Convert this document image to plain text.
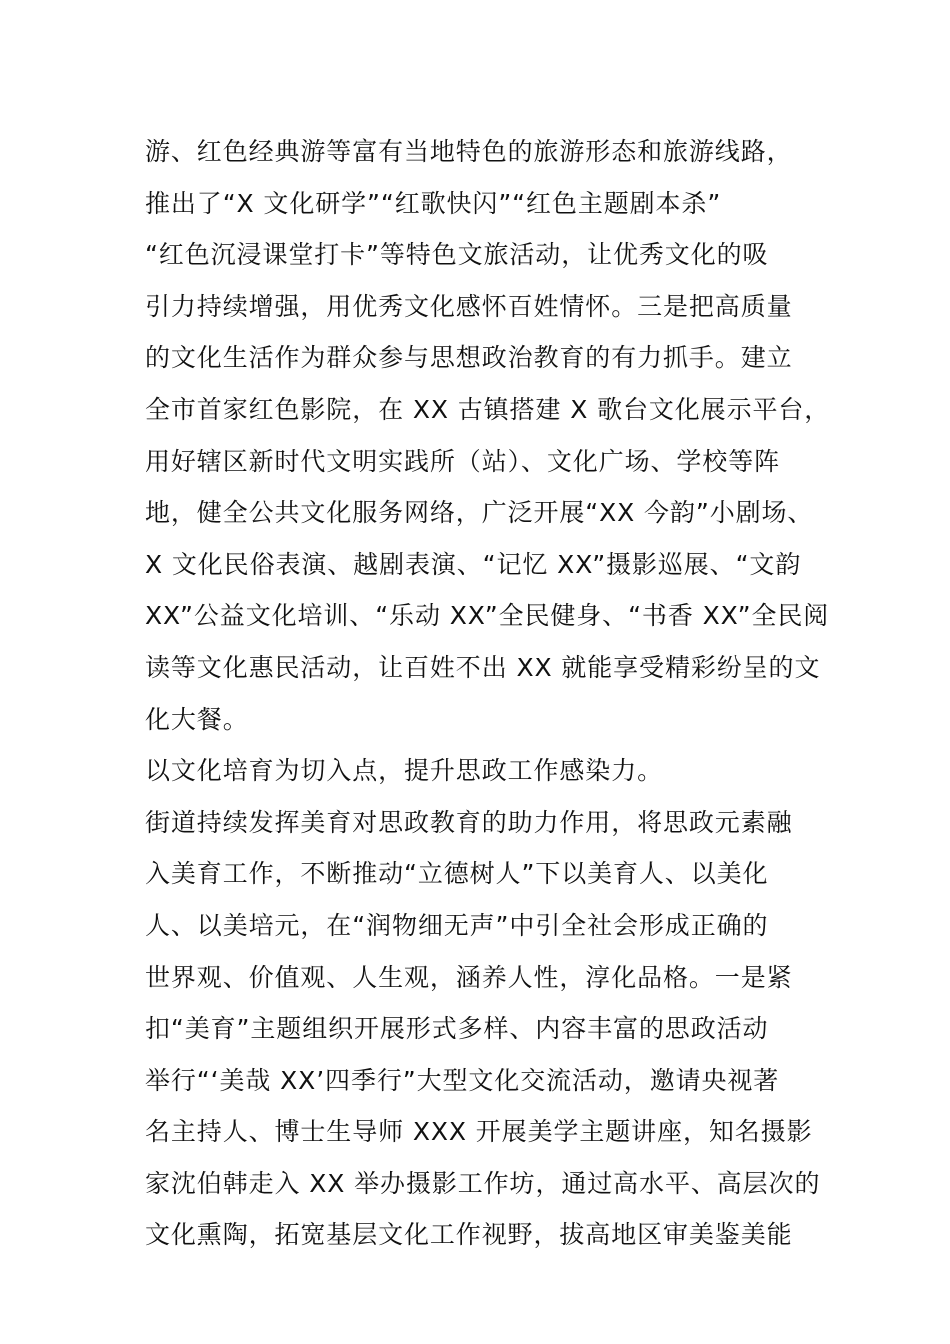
游、红色经典游等富有当地特色的旅游形态和旅游线路，
推出了“X 文化研学”“红歌快闪”“红色主题剧本杀”
“红色沉浸课堂打卡”等特色文旅活动，让优秀文化的吸
引力持续增强，用优秀文化感怀百姓情怀。三是把高质量
的文化生活作为群众参与思想政治教育的有力抓手。建立
全市首家红色影院，在 XX 古镇搭建 X 歌台文化展示平台，
用好辖区新时代文明实践所（站）、文化广场、学校等阵
地，健全公共文化服务网络，广泛开展“XX 今韵”小剧场、
X 文化民俗表演、越剧表演、“记忆 XX”摄影巡展、“文韵
XX”公益文化培训、“乐动 XX”全民健身、“书香 XX”全民阅
读等文化惠民活动，让百姓不出 XX 就能享受精彩纷呈的文
化大餐。
以文化培育为切入点，提升思政工作感染力。
街道持续发挥美育对思政教育的助力作用，将思政元素融
入美育工作，不断推动“立德树人”下以美育人、以美化
人、以美培元，在“润物细无声”中引全社会形成正确的
世界观、价值观、人生观，涵养人性，淳化品格。一是紧
扣“美育”主题组织开展形式多样、内容丰富的思政活动
举行“‘美哉 XX’四季行”大型文化交流活动，邀请央视著
名主持人、博士生导师 XXX 开展美学主题讲座，知名摄影
家沈伯韩走入 XX 举办摄影工作坊，通过高水平、高层次的
文化熏陶，拓宽基层文化工作视野，拔高地区审美鉴美能
